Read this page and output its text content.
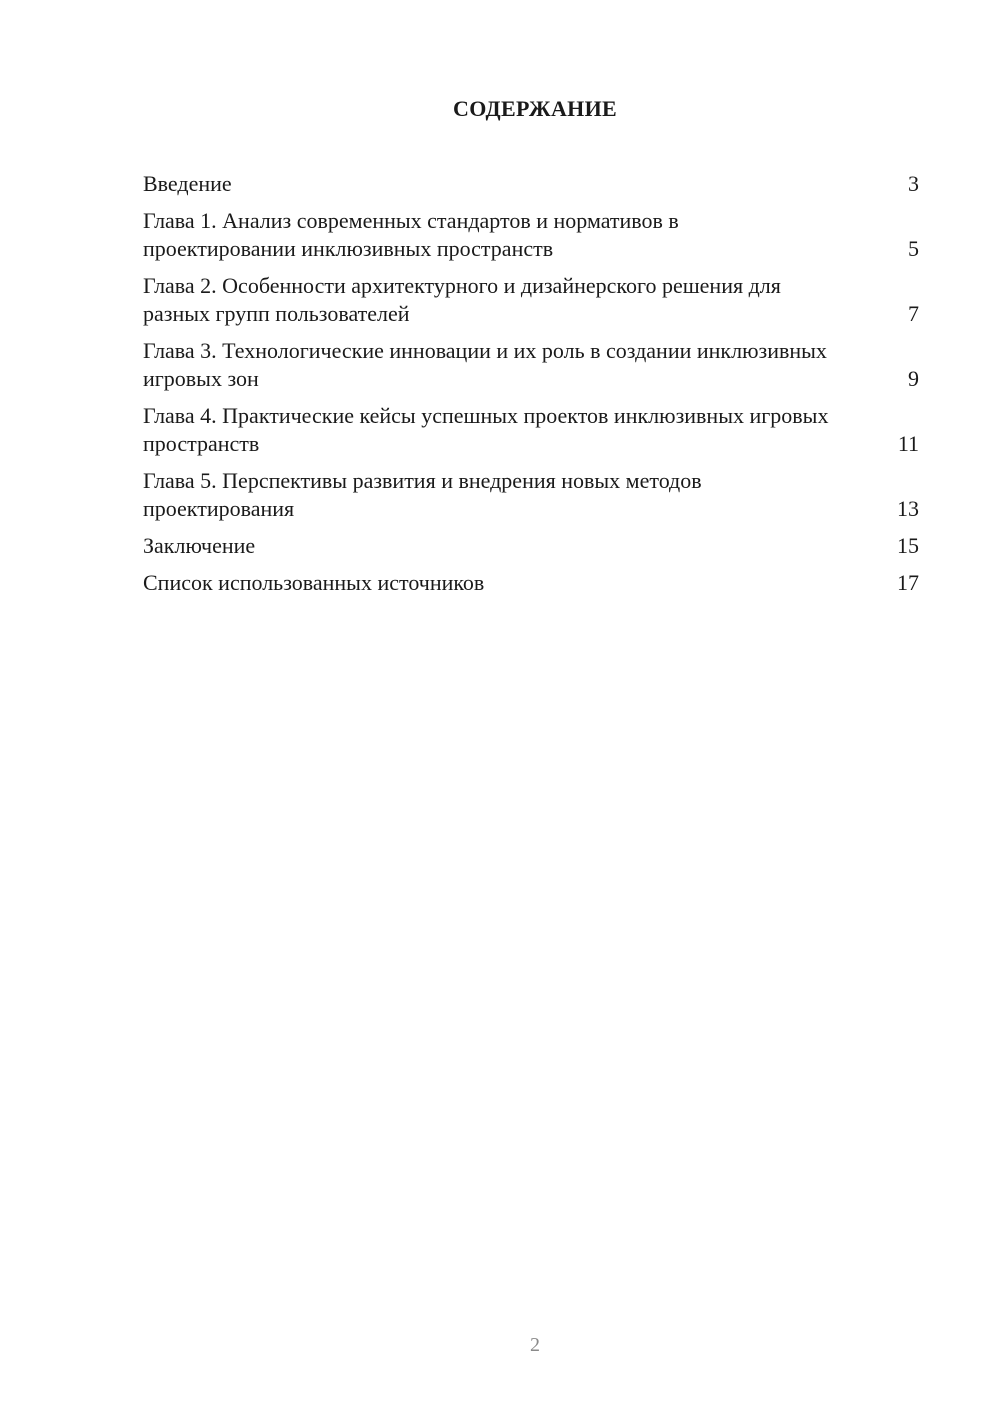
СОДЕРЖАНИЕ
Введение	3
Глава 1. Анализ современных стандартов и нормативов в проектировании инклюзивных пространств	5
Глава 2. Особенности архитектурного и дизайнерского решения для разных групп пользователей	7
Глава 3. Технологические инновации и их роль в создании инклюзивных игровых зон	9
Глава 4. Практические кейсы успешных проектов инклюзивных игровых пространств	11
Глава 5. Перспективы развития и внедрения новых методов проектирования	13
Заключение	15
Список использованных источников	17
2
